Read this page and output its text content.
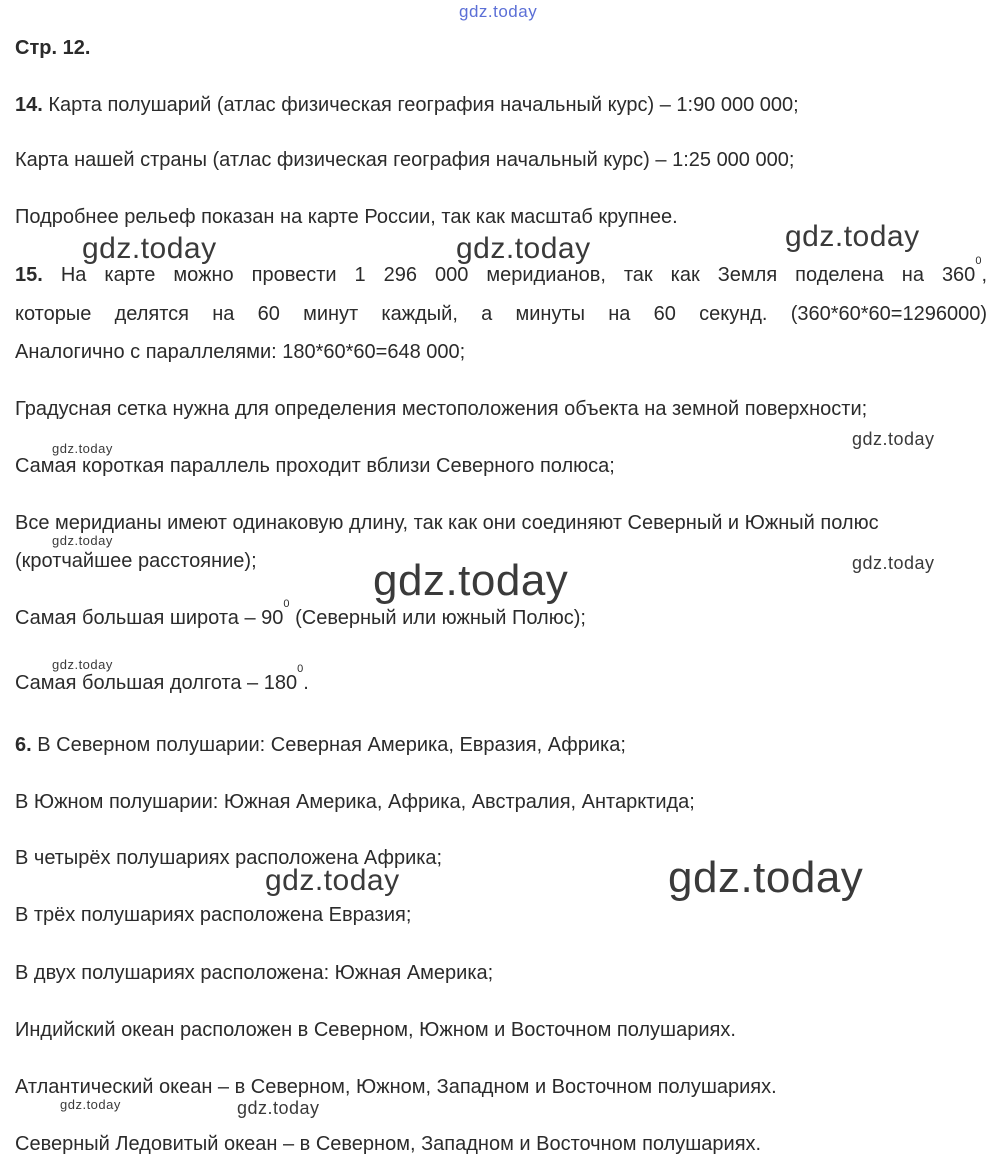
gdz.today
gdz.today	gdz.today	gdz.today
gdz.today	gdz.today
gdz.today
gdz.today
gdz.today
gdz.today
gdz.today	gdz.today
gdz.today	gdz.today
Стр. 12.
14. Карта полушарий (атлас физическая география начальный курс) – 1:90 000 000;
Карта нашей страны (атлас физическая география начальный курс) – 1:25 000 000;
Подробнее рельеф показан на карте России, так как масштаб крупнее.
15. На карте можно провести 1 296 000 меридианов, так как Земля поделена на $360^0$,
которые делятся на 60 минут каждый, а минуты на 60 секунд. (360*60*60=1296000)
Аналогично с параллелями: 180*60*60=648 000;
Градусная сетка нужна для определения местоположения объекта на земной поверхности;
Самая короткая параллель проходит вблизи Северного полюса;
Все меридианы имеют одинаковую длину, так как они соединяют Северный и Южный полюс
(кротчайшее расстояние);
Самая большая широта – $90^0$ (Северный или южный Полюс);
Самая большая долгота – $180^0$.
6. В Северном полушарии: Северная Америка, Евразия, Африка;
В Южном полушарии: Южная Америка, Африка, Австралия, Антарктида;
В четырёх полушариях расположена Африка;
В трёх полушариях расположена Евразия;
В двух полушариях расположена: Южная Америка;
Индийский океан расположен в Северном, Южном и Восточном полушариях.
Атлантический океан – в Северном, Южном, Западном и Восточном полушариях.
Северный Ледовитый океан – в Северном, Западном и Восточном полушариях.
